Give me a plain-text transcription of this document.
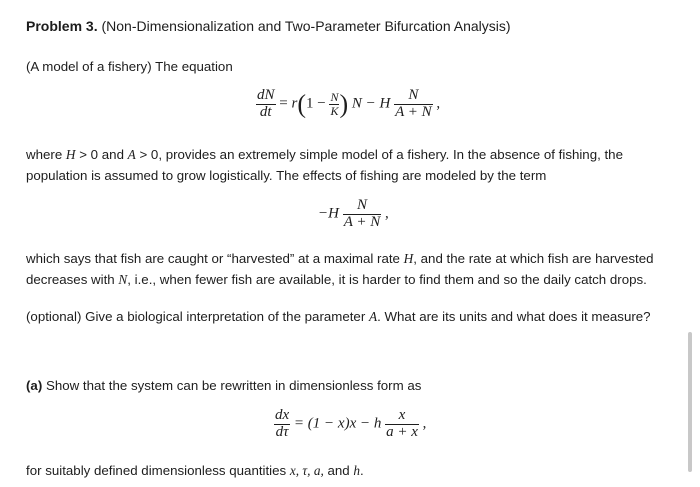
Problem 3. (Non-Dimensionalization and Two-Parameter Bifurcation Analysis)
(A model of a fishery) The equation
$\frac{dN}{dt} = r(1 - \frac{N}{K}$ ) N − H $\frac{N}{A + N}$ ,
where H > 0 and A > 0, provides an extremely simple model of a fishery. In the absence of fishing, the
population is assumed to grow logistically. The effects of fishing are modeled by the term
$-H \frac{N}{A + N}$ ,
which says that fish are caught or “harvested” at a maximal rate H, and the rate at which fish are harvested
decreases with N, i.e., when fewer fish are available, it is harder to find them and so the daily catch drops.
(optional) Give a biological interpretation of the parameter A. What are its units and what does it measure?
(a) Show that the system can be rewritten in dimensionless form as
$\frac{dx}{d\tau} = (1 - x)x - h \frac{x}{a + x}$ ,
for suitably defined dimensionless quantities x, τ, a, and h.
